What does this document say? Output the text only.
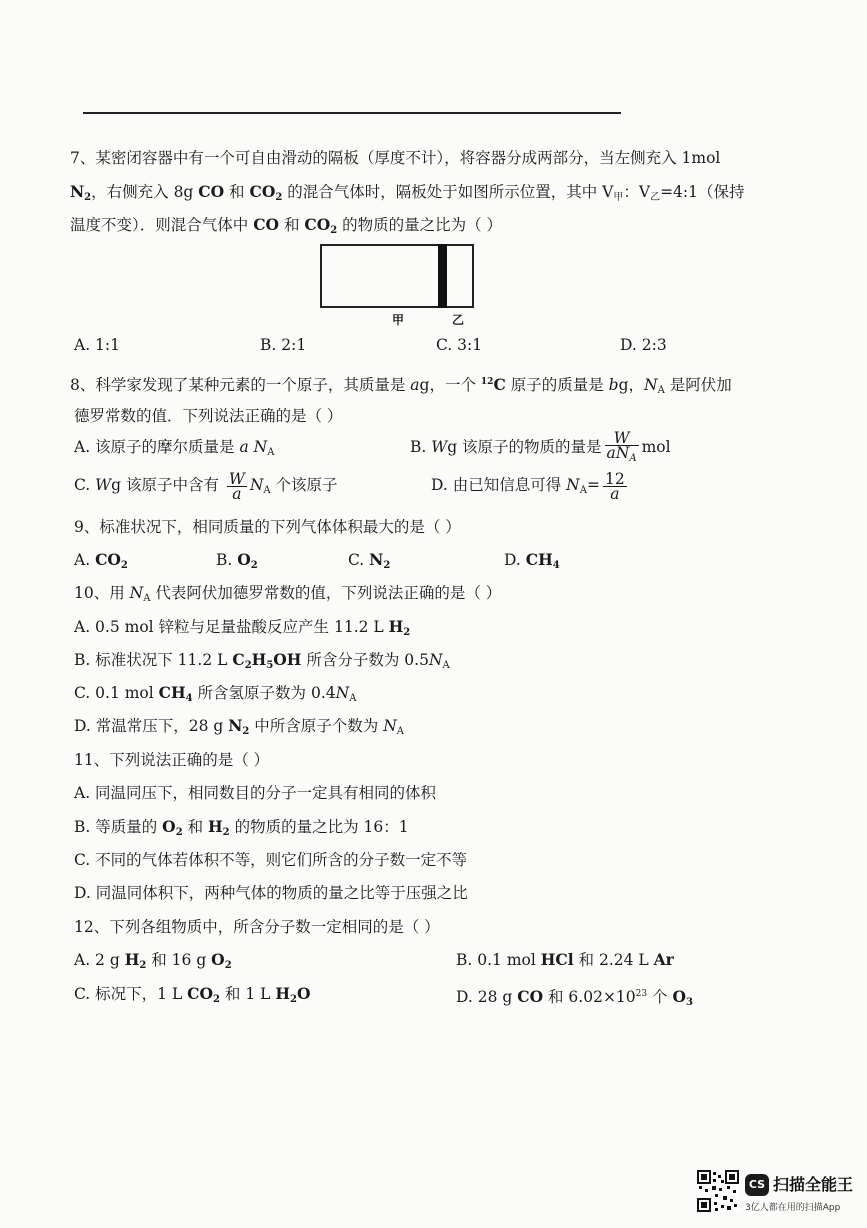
7、某密闭容器中有一个可自由滑动的隔板（厚度不计），将容器分成两部分，当左侧充入 1mol
$N_2$，右侧充入 8g CO 和 $CO_2$ 的混合气体时，隔板处于如图所示位置，其中 $V_甲$：$V_乙=4:1$（保持
温度不变）．则混合气体中 CO 和 $CO_2$ 的物质的量之比为（ ）
甲	乙
A. 1:1	B. 2:1	C. 3:1	D. 2:3
8、科学家发现了某种元素的一个原子，其质量是 ag，一个 $^{12}$C 原子的质量是 bg，$N_A$ 是阿伏加
德罗常数的值．下列说法正确的是（ ）
A. 该原子的摩尔质量是 a $N_A$	B. Wg 该原子的物质的量是 $\frac{W}{aN_A}$ mol
C. Wg 该原子中含有 $\frac{W}{a} N_A$ 个该原子	D. 由已知信息可得 $N_A= \frac{12}{a}$
9、标准状况下，相同质量的下列气体体积最大的是（ ）
A. $CO_2$	B. $O_2$	C. $N_2$	D. $CH_4$
10、用 $N_A$ 代表阿伏加德罗常数的值，下列说法正确的是（ ）
A. 0.5 mol 锌粒与足量盐酸反应产生 11.2 L $H_2$
B. 标准状况下 11.2 L $C_2H_5OH$ 所含分子数为 $0.5N_A$
C. 0.1 mol $CH_4$ 所含氢原子数为 $0.4N_A$
D. 常温常压下，28 g $N_2$ 中所含原子个数为 $N_A$
11、下列说法正确的是（ ）
A. 同温同压下，相同数目的分子一定具有相同的体积
B. 等质量的 $O_2$ 和 $H_2$ 的物质的量之比为 16：1
C. 不同的气体若体积不等，则它们所含的分子数一定不等
D. 同温同体积下，两种气体的物质的量之比等于压强之比
12、下列各组物质中，所含分子数一定相同的是（ ）
A. 2 g $H_2$ 和 16 g $O_2$	B. 0.1 mol HCl 和 2.24 L Ar
C. 标况下，1 L $CO_2$ 和 1 L $H_2O$	D. 28 g CO 和 $6.02\times 10^{23}$ 个 $O_3$
CS 扫描全能王
3亿人都在用的扫描App
